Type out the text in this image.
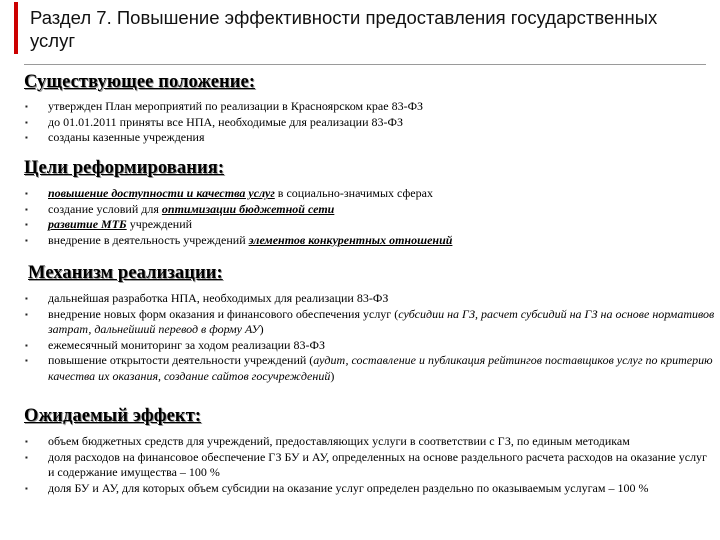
Раздел 7. Повышение эффективности предоставления государственных услуг
Существующее положение:
▪ утвержден План мероприятий по реализации в Красноярском крае 83-ФЗ
▪ до 01.01.2011 приняты все НПА, необходимые для реализации 83-ФЗ
▪ созданы казенные учреждения
Цели реформирования:
▪ повышение доступности и качества услуг в социально-значимых сферах
▪ создание условий для оптимизации бюджетной сети
▪ развитие МТБ учреждений
▪ внедрение в деятельность учреждений элементов конкурентных отношений
Механизм реализации:
▪ дальнейшая разработка НПА, необходимых для реализации 83-ФЗ
▪ внедрение новых форм оказания и финансового обеспечения услуг (субсидии на ГЗ, расчет субсидий на ГЗ на основе нормативов затрат, дальнейший перевод в форму АУ)
▪ ежемесячный мониторинг за ходом реализации 83-ФЗ
▪ повышение открытости деятельности учреждений (аудит, составление и публикация рейтингов поставщиков услуг по критерию качества их оказания, создание сайтов госучреждений)
Ожидаемый эффект:
▪ объем бюджетных средств для учреждений, предоставляющих услуги в соответствии с ГЗ, по единым методикам
▪ доля расходов на финансовое обеспечение ГЗ БУ и АУ, определенных на основе раздельного расчета расходов на оказание услуг и содержание имущества – 100 %
▪ доля БУ и АУ, для которых объем субсидии на оказание услуг определен раздельно по оказываемым услугам – 100 %
